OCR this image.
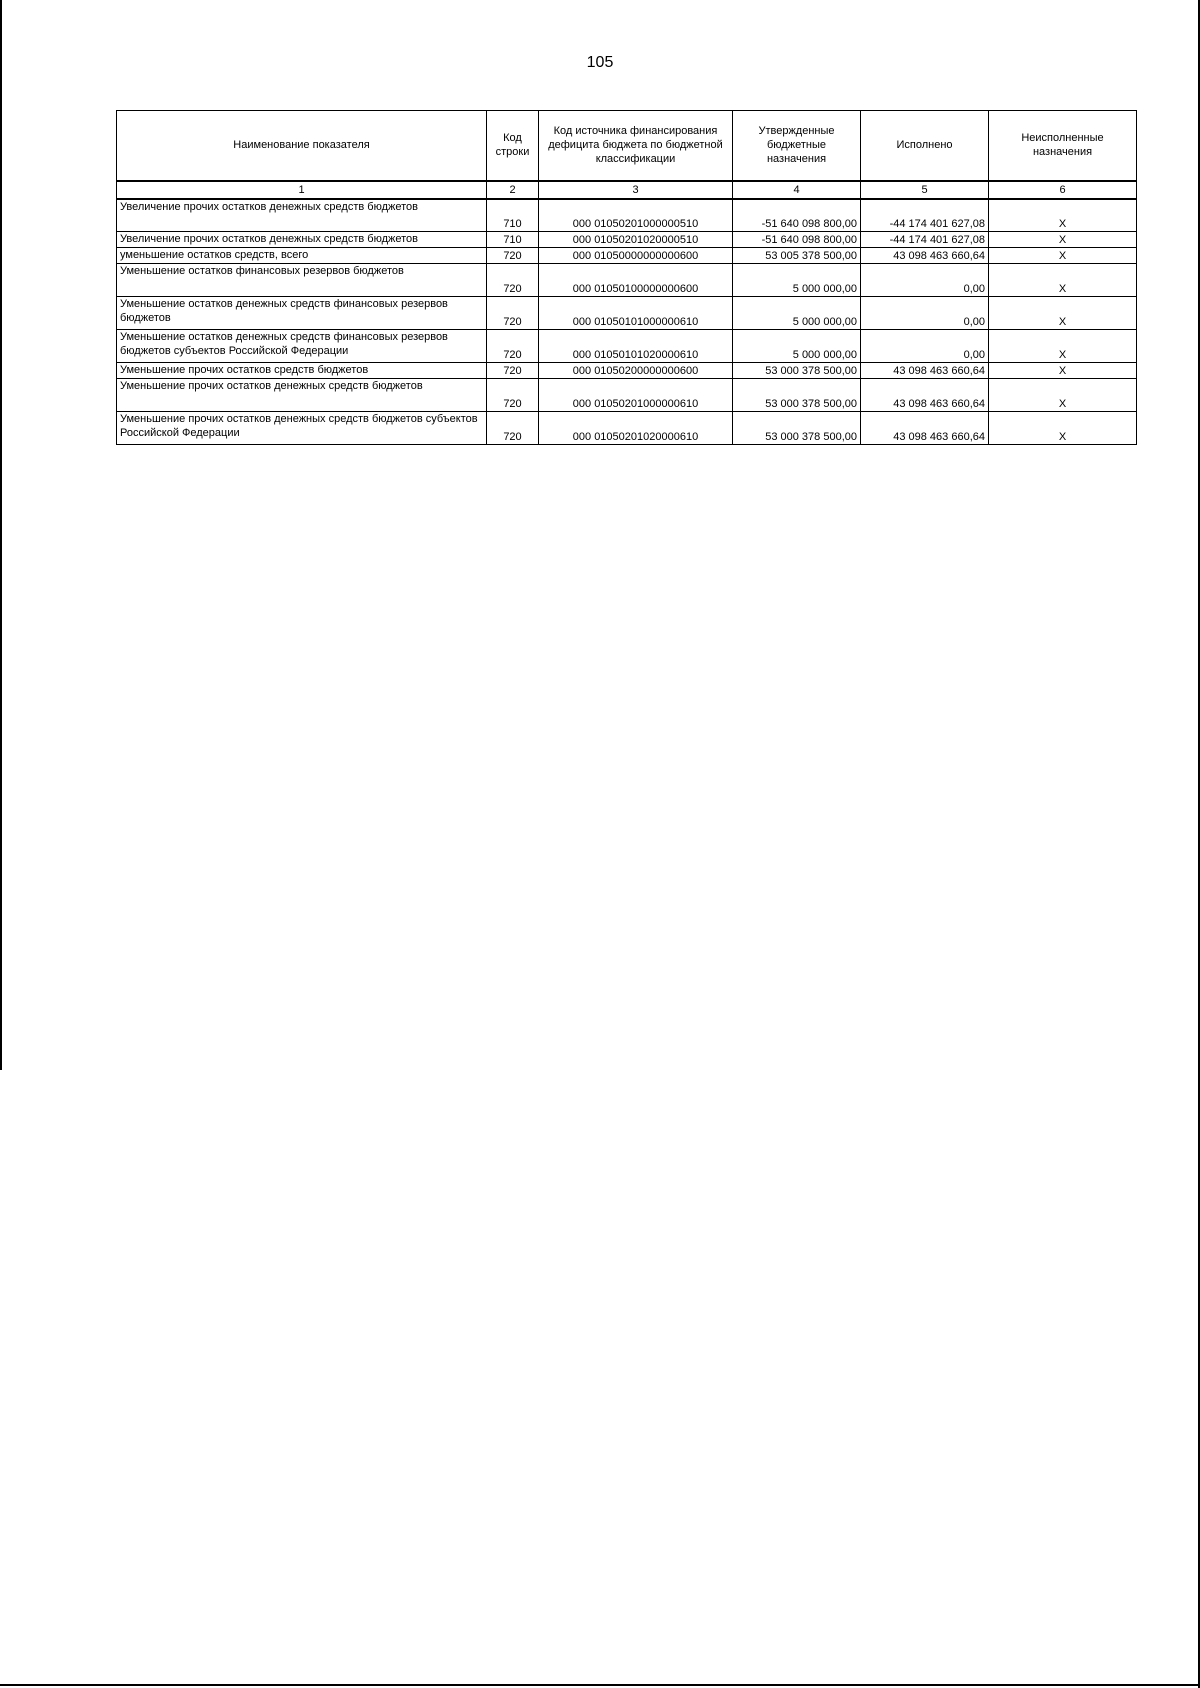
105
Наименование показателя	Код строки	Код источника финансирования дефицита бюджета по бюджетной классификации	Утвержденные бюджетные назначения	Исполнено	Неисполненные назначения
1	2	3	4	5	6
Увеличение прочих остатков денежных средств бюджетов	710	000 01050201000000510	-51 640 098 800,00	-44 174 401 627,08	X
Увеличение прочих остатков денежных средств бюджетов	710	000 01050201020000510	-51 640 098 800,00	-44 174 401 627,08	X
уменьшение остатков средств, всего	720	000 01050000000000600	53 005 378 500,00	43 098 463 660,64	X
Уменьшение остатков финансовых резервов бюджетов	720	000 01050100000000600	5 000 000,00	0,00	X
Уменьшение остатков денежных средств финансовых резервов бюджетов	720	000 01050101000000610	5 000 000,00	0,00	X
Уменьшение остатков денежных средств финансовых резервов бюджетов субъектов Российской Федерации	720	000 01050101020000610	5 000 000,00	0,00	X
Уменьшение прочих остатков средств бюджетов	720	000 01050200000000600	53 000 378 500,00	43 098 463 660,64	X
Уменьшение прочих остатков денежных средств бюджетов	720	000 01050201000000610	53 000 378 500,00	43 098 463 660,64	X
Уменьшение прочих остатков денежных средств бюджетов субъектов Российской Федерации	720	000 01050201020000610	53 000 378 500,00	43 098 463 660,64	X
